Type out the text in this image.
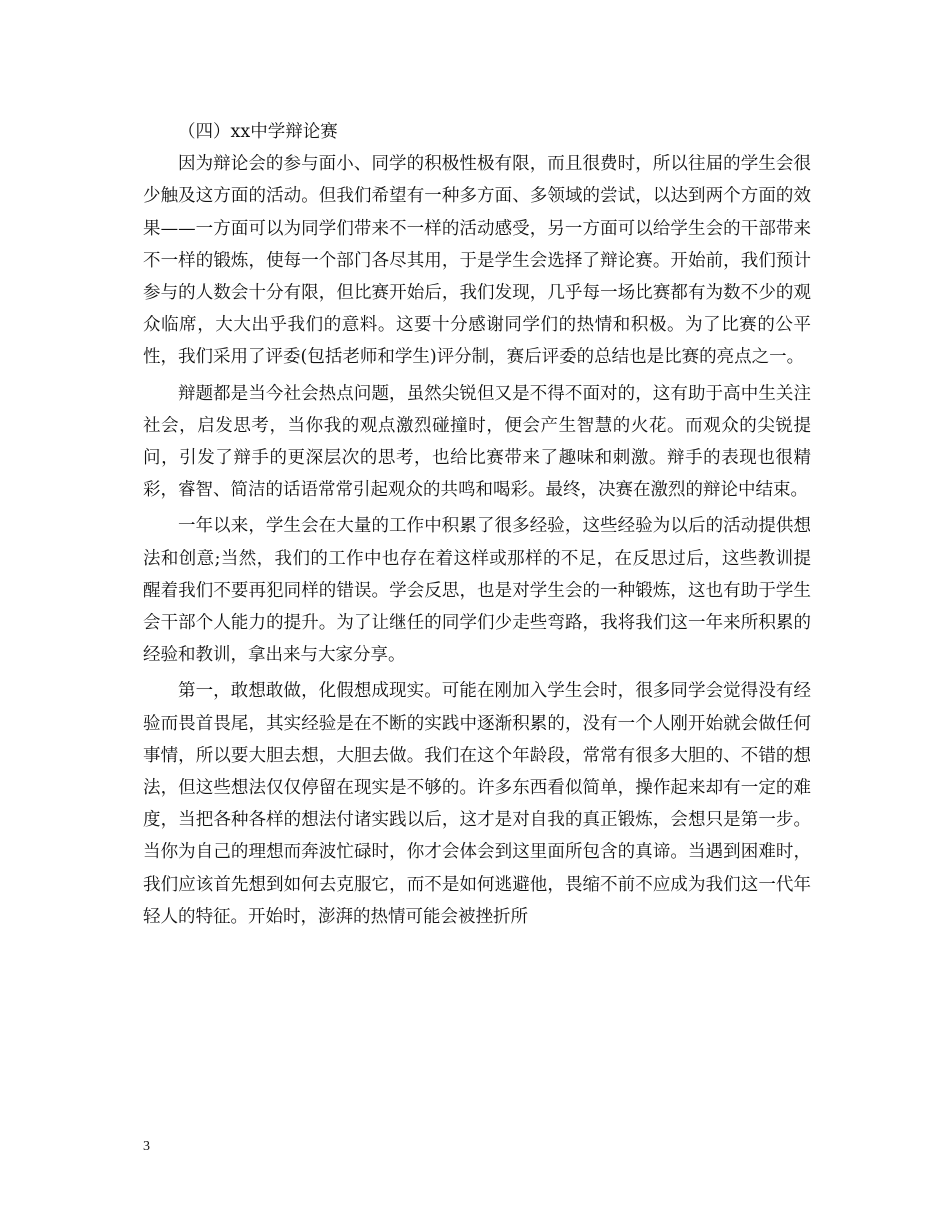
（四）xx中学辩论赛

因为辩论会的参与面小、同学的积极性极有限，而且很费时，所以往届的学生会很少触及这方面的活动。但我们希望有一种多方面、多领域的尝试，以达到两个方面的效果——一方面可以为同学们带来不一样的活动感受，另一方面可以给学生会的干部带来不一样的锻炼，使每一个部门各尽其用，于是学生会选择了辩论赛。开始前，我们预计参与的人数会十分有限，但比赛开始后，我们发现，几乎每一场比赛都有为数不少的观众临席，大大出乎我们的意料。这要十分感谢同学们的热情和积极。为了比赛的公平性，我们采用了评委(包括老师和学生)评分制，赛后评委的总结也是比赛的亮点之一。

辩题都是当今社会热点问题，虽然尖锐但又是不得不面对的，这有助于高中生关注社会，启发思考，当你我的观点激烈碰撞时，便会产生智慧的火花。而观众的尖锐提问，引发了辩手的更深层次的思考，也给比赛带来了趣味和刺激。辩手的表现也很精彩，睿智、简洁的话语常常引起观众的共鸣和喝彩。最终，决赛在激烈的辩论中结束。

一年以来，学生会在大量的工作中积累了很多经验，这些经验为以后的活动提供想法和创意;当然，我们的工作中也存在着这样或那样的不足，在反思过后，这些教训提醒着我们不要再犯同样的错误。学会反思，也是对学生会的一种锻炼，这也有助于学生会干部个人能力的提升。为了让继任的同学们少走些弯路，我将我们这一年来所积累的经验和教训，拿出来与大家分享。

第一，敢想敢做，化假想成现实。可能在刚加入学生会时，很多同学会觉得没有经验而畏首畏尾，其实经验是在不断的实践中逐渐积累的，没有一个人刚开始就会做任何事情，所以要大胆去想，大胆去做。我们在这个年龄段，常常有很多大胆的、不错的想法，但这些想法仅仅停留在现实是不够的。许多东西看似简单，操作起来却有一定的难度，当把各种各样的想法付诸实践以后，这才是对自我的真正锻炼，会想只是第一步。当你为自己的理想而奔波忙碌时，你才会体会到这里面所包含的真谛。当遇到困难时，我们应该首先想到如何去克服它，而不是如何逃避他，畏缩不前不应成为我们这一代年轻人的特征。开始时，澎湃的热情可能会被挫折所

3
